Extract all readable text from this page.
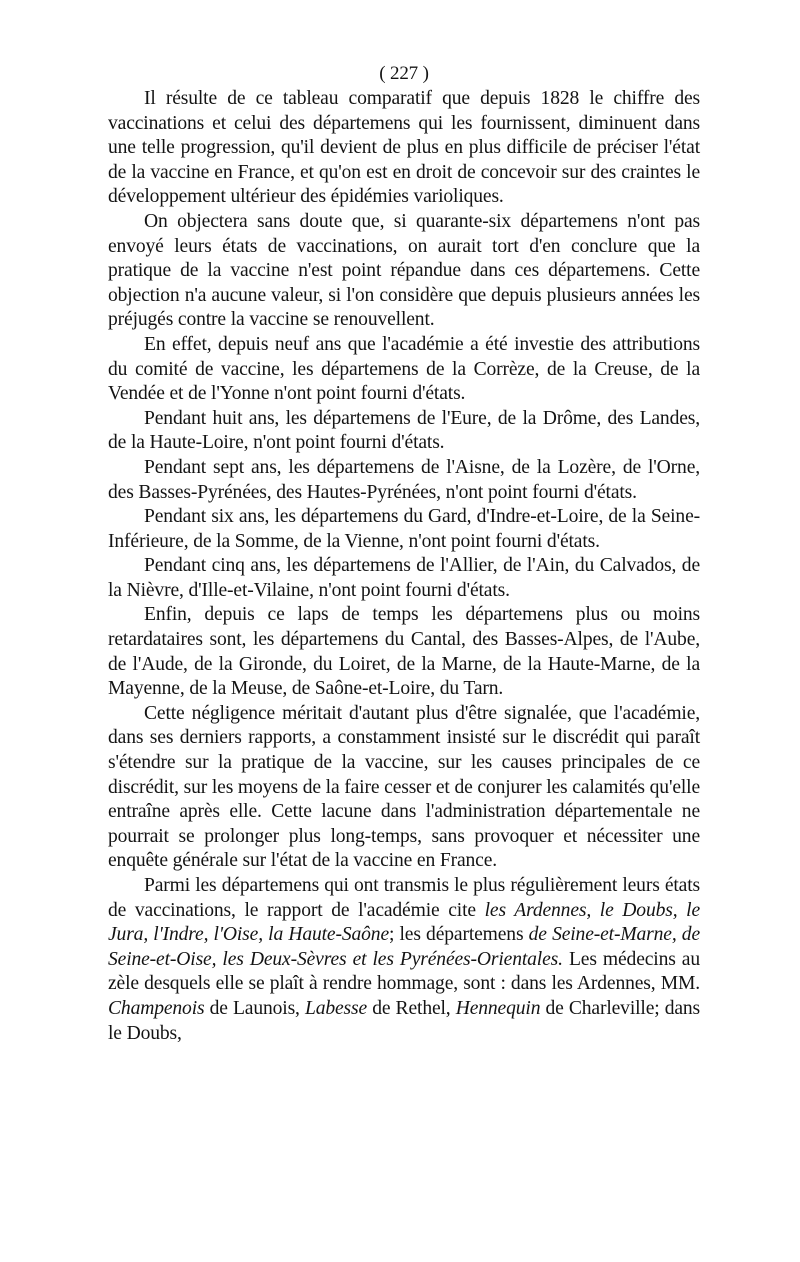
( 227 )

Il résulte de ce tableau comparatif que depuis 1828 le chiffre des vaccinations et celui des départemens qui les fournissent, diminuent dans une telle progression, qu'il devient de plus en plus difficile de préciser l'état de la vaccine en France, et qu'on est en droit de concevoir sur des craintes le développement ultérieur des épidémies varioliques.

On objectera sans doute que, si quarante-six départemens n'ont pas envoyé leurs états de vaccinations, on aurait tort d'en conclure que la pratique de la vaccine n'est point répandue dans ces départemens. Cette objection n'a aucune valeur, si l'on considère que depuis plusieurs années les préjugés contre la vaccine se renouvellent.

En effet, depuis neuf ans que l'académie a été investie des attributions du comité de vaccine, les départemens de la Corrèze, de la Creuse, de la Vendée et de l'Yonne n'ont point fourni d'états.

Pendant huit ans, les départemens de l'Eure, de la Drôme, des Landes, de la Haute-Loire, n'ont point fourni d'états.

Pendant sept ans, les départemens de l'Aisne, de la Lozère, de l'Orne, des Basses-Pyrénées, des Hautes-Pyrénées, n'ont point fourni d'états.

Pendant six ans, les départemens du Gard, d'Indre-et-Loire, de la Seine-Inférieure, de la Somme, de la Vienne, n'ont point fourni d'états.

Pendant cinq ans, les départemens de l'Allier, de l'Ain, du Calvados, de la Nièvre, d'Ille-et-Vilaine, n'ont point fourni d'états.

Enfin, depuis ce laps de temps les départemens plus ou moins retardataires sont, les départemens du Cantal, des Basses-Alpes, de l'Aube, de l'Aude, de la Gironde, du Loiret, de la Marne, de la Haute-Marne, de la Mayenne, de la Meuse, de Saône-et-Loire, du Tarn.

Cette négligence méritait d'autant plus d'être signalée, que l'académie, dans ses derniers rapports, a constamment insisté sur le discrédit qui paraît s'étendre sur la pratique de la vaccine, sur les causes principales de ce discrédit, sur les moyens de la faire cesser et de conjurer les calamités qu'elle entraîne après elle. Cette lacune dans l'administration départementale ne pourrait se prolonger plus long-temps, sans provoquer et nécessiter une enquête générale sur l'état de la vaccine en France.

Parmi les départemens qui ont transmis le plus régulièrement leurs états de vaccinations, le rapport de l'académie cite les Ardennes, le Doubs, le Jura, l'Indre, l'Oise, la Haute-Saône; les départemens de Seine-et-Marne, de Seine-et-Oise, les Deux-Sèvres et les Pyrénées-Orientales. Les médecins au zèle desquels elle se plaît à rendre hommage, sont : dans les Ardennes, MM. Champenois de Launois, Labesse de Rethel, Hennequin de Charleville; dans le Doubs,
